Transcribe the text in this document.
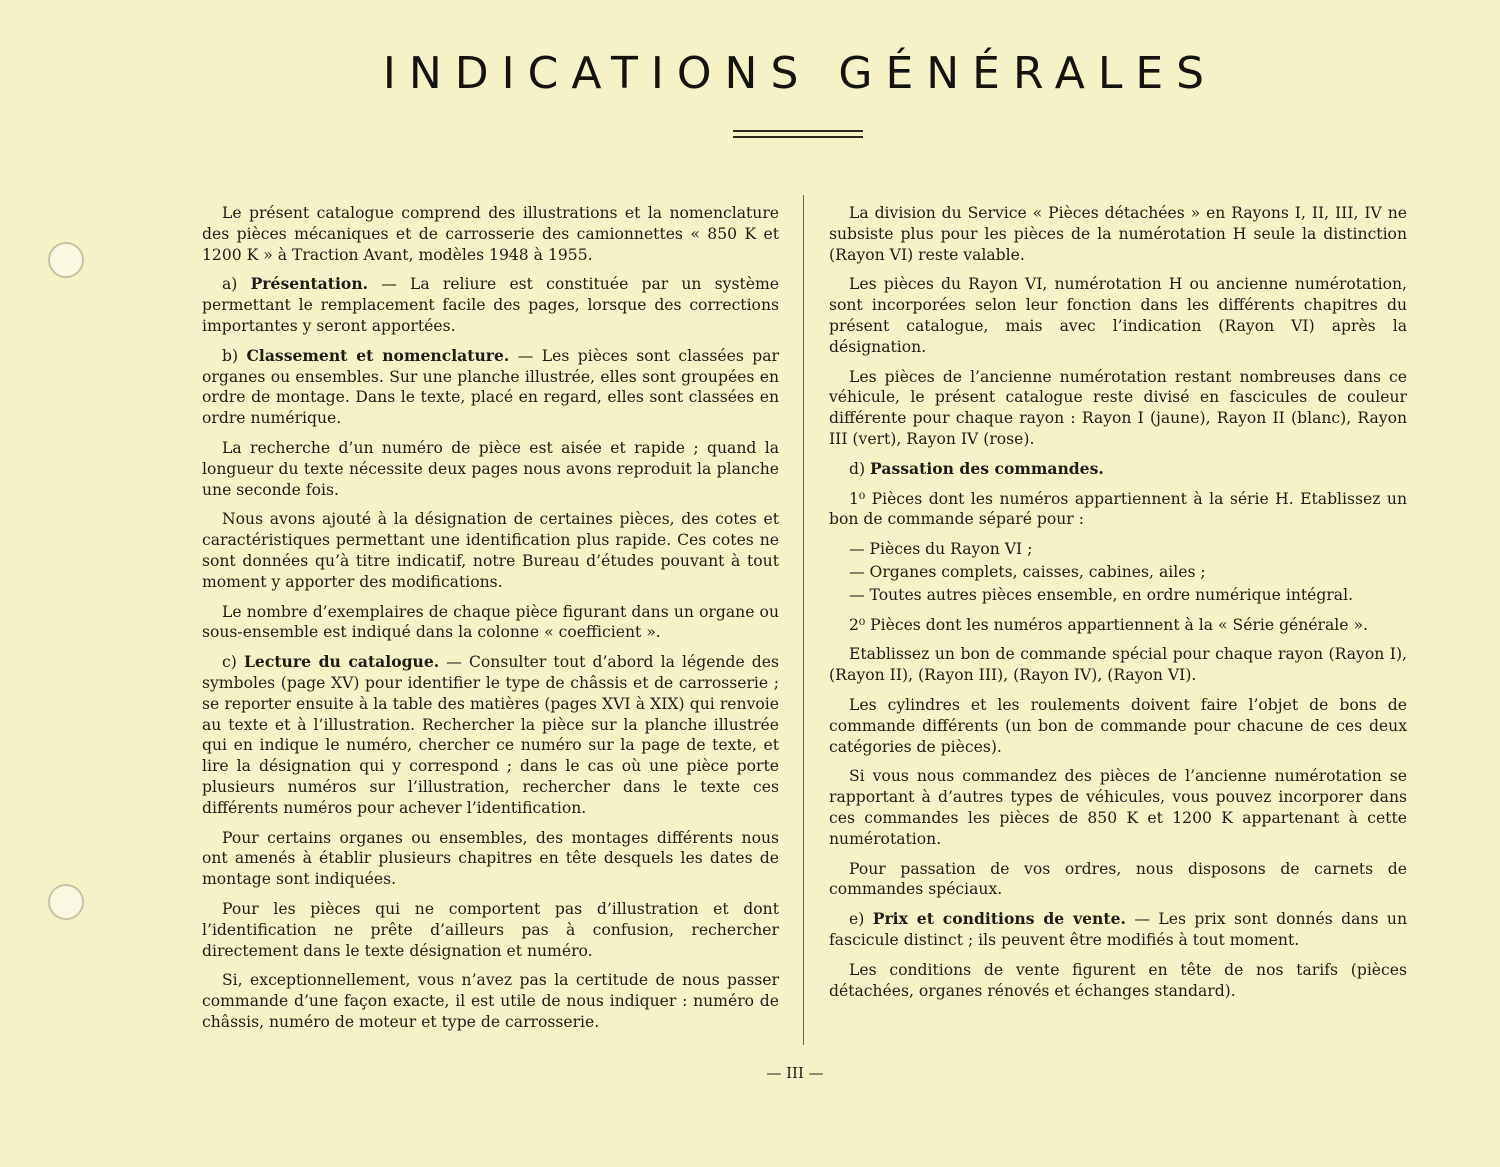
INDICATIONS GÉNÉRALES

Le présent catalogue comprend des illustrations et la nomenclature des pièces mécaniques et de carrosserie des camionnettes « 850 K et 1200 K » à Traction Avant, modèles 1948 à 1955.

a) Présentation. — La reliure est constituée par un système permettant le remplacement facile des pages, lorsque des corrections importantes y seront apportées.

b) Classement et nomenclature. — Les pièces sont classées par organes ou ensembles. Sur une planche illustrée, elles sont groupées en ordre de montage. Dans le texte, placé en regard, elles sont classées en ordre numérique.

La recherche d’un numéro de pièce est aisée et rapide ; quand la longueur du texte nécessite deux pages nous avons reproduit la planche une seconde fois.

Nous avons ajouté à la désignation de certaines pièces, des cotes et caractéristiques permettant une identification plus rapide. Ces cotes ne sont données qu’à titre indicatif, notre Bureau d’études pouvant à tout moment y apporter des modifications.

Le nombre d’exemplaires de chaque pièce figurant dans un organe ou sous-ensemble est indiqué dans la colonne « coefficient ».

c) Lecture du catalogue. — Consulter tout d’abord la légende des symboles (page XV) pour identifier le type de châssis et de carrosserie ; se reporter ensuite à la table des matières (pages XVI à XIX) qui renvoie au texte et à l’illustration. Rechercher la pièce sur la planche illustrée qui en indique le numéro, chercher ce numéro sur la page de texte, et lire la désignation qui y correspond ; dans le cas où une pièce porte plusieurs numéros sur l’illustration, rechercher dans le texte ces différents numéros pour achever l’identification.

Pour certains organes ou ensembles, des montages différents nous ont amenés à établir plusieurs chapitres en tête desquels les dates de montage sont indiquées.

Pour les pièces qui ne comportent pas d’illustration et dont l’identification ne prête d’ailleurs pas à confusion, rechercher directement dans le texte désignation et numéro.

Si, exceptionnellement, vous n’avez pas la certitude de nous passer commande d’une façon exacte, il est utile de nous indiquer : numéro de châssis, numéro de moteur et type de carrosserie.

La division du Service « Pièces détachées » en Rayons I, II, III, IV ne subsiste plus pour les pièces de la numérotation H seule la distinction (Rayon VI) reste valable.

Les pièces du Rayon VI, numérotation H ou ancienne numérotation, sont incorporées selon leur fonction dans les différents chapitres du présent catalogue, mais avec l’indication (Rayon VI) après la désignation.

Les pièces de l’ancienne numérotation restant nombreuses dans ce véhicule, le présent catalogue reste divisé en fascicules de couleur différente pour chaque rayon : Rayon I (jaune), Rayon II (blanc), Rayon III (vert), Rayon IV (rose).

d) Passation des commandes.

1⁰ Pièces dont les numéros appartiennent à la série H. Etablissez un bon de commande séparé pour :

— Pièces du Rayon VI ;
— Organes complets, caisses, cabines, ailes ;
— Toutes autres pièces ensemble, en ordre numérique intégral.

2⁰ Pièces dont les numéros appartiennent à la « Série générale ».

Etablissez un bon de commande spécial pour chaque rayon (Rayon I), (Rayon II), (Rayon III), (Rayon IV), (Rayon VI).

Les cylindres et les roulements doivent faire l’objet de bons de commande différents (un bon de commande pour chacune de ces deux catégories de pièces).

Si vous nous commandez des pièces de l’ancienne numérotation se rapportant à d’autres types de véhicules, vous pouvez incorporer dans ces commandes les pièces de 850 K et 1200 K appartenant à cette numérotation.

Pour passation de vos ordres, nous disposons de carnets de commandes spéciaux.

e) Prix et conditions de vente. — Les prix sont donnés dans un fascicule distinct ; ils peuvent être modifiés à tout moment.

Les conditions de vente figurent en tête de nos tarifs (pièces détachées, organes rénovés et échanges standard).

— III —
